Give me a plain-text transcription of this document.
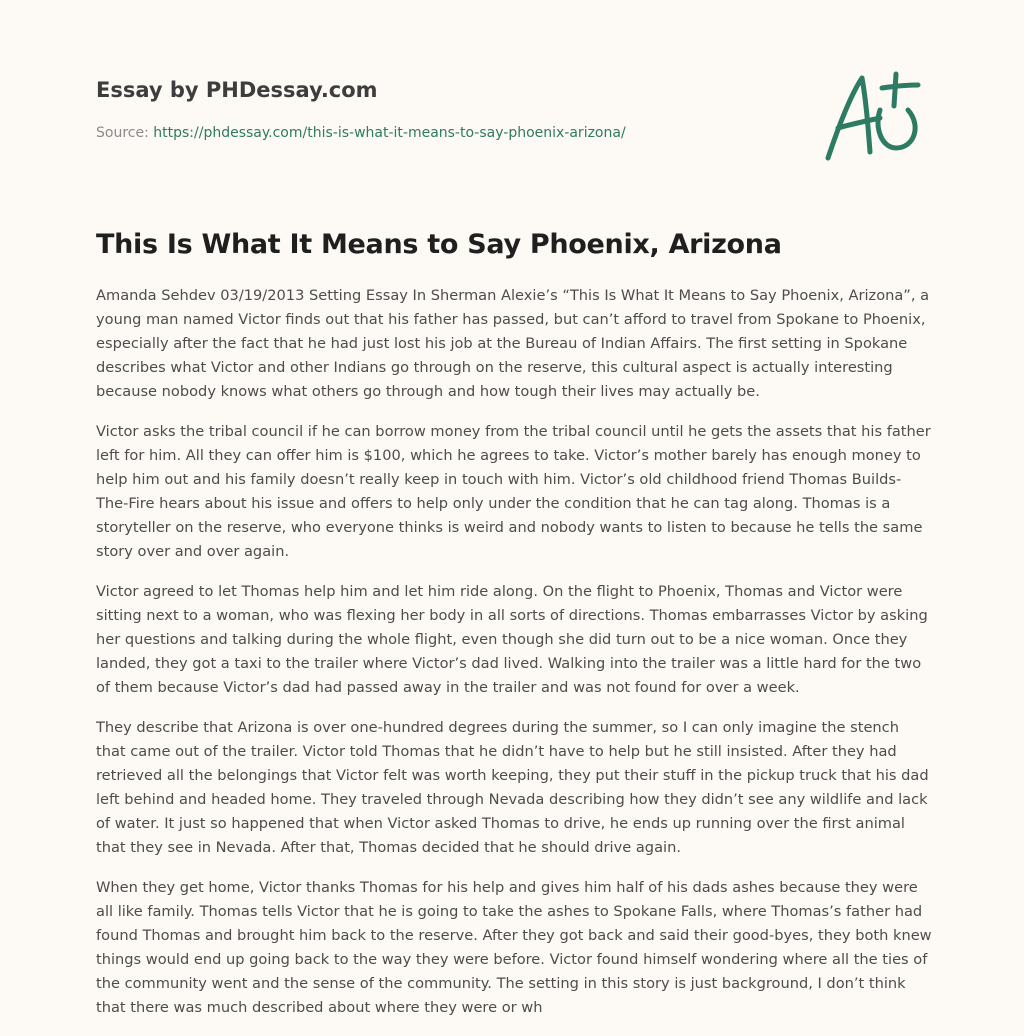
Essay by PHDessay.com
Source: https://phdessay.com/this-is-what-it-means-to-say-phoenix-arizona/
This Is What It Means to Say Phoenix, Arizona

Amanda Sehdev 03/19/2013 Setting Essay In Sherman Alexie’s “This Is What It Means to Say Phoenix, Arizona”, a young man named Victor finds out that his father has passed, but can’t afford to travel from Spokane to Phoenix, especially after the fact that he had just lost his job at the Bureau of Indian Affairs. The first setting in Spokane describes what Victor and other Indians go through on the reserve, this cultural aspect is actually interesting because nobody knows what others go through and how tough their lives may actually be.

Victor asks the tribal council if he can borrow money from the tribal council until he gets the assets that his father left for him. All they can offer him is $100, which he agrees to take. Victor’s mother barely has enough money to help him out and his family doesn’t really keep in touch with him. Victor’s old childhood friend Thomas Builds-The-Fire hears about his issue and offers to help only under the condition that he can tag along. Thomas is a storyteller on the reserve, who everyone thinks is weird and nobody wants to listen to because he tells the same story over and over again.

Victor agreed to let Thomas help him and let him ride along. On the flight to Phoenix, Thomas and Victor were sitting next to a woman, who was flexing her body in all sorts of directions. Thomas embarrasses Victor by asking her questions and talking during the whole flight, even though she did turn out to be a nice woman. Once they landed, they got a taxi to the trailer where Victor’s dad lived. Walking into the trailer was a little hard for the two of them because Victor’s dad had passed away in the trailer and was not found for over a week.

They describe that Arizona is over one-hundred degrees during the summer, so I can only imagine the stench that came out of the trailer. Victor told Thomas that he didn’t have to help but he still insisted. After they had retrieved all the belongings that Victor felt was worth keeping, they put their stuff in the pickup truck that his dad left behind and headed home. They traveled through Nevada describing how they didn’t see any wildlife and lack of water. It just so happened that when Victor asked Thomas to drive, he ends up running over the first animal that they see in Nevada. After that, Thomas decided that he should drive again.

When they get home, Victor thanks Thomas for his help and gives him half of his dads ashes because they were all like family. Thomas tells Victor that he is going to take the ashes to Spokane Falls, where Thomas’s father had found Thomas and brought him back to the reserve. After they got back and said their good-byes, they both knew things would end up going back to the way they were before. Victor found himself wondering where all the ties of the community went and the sense of the community. The setting in this story is just background, I don’t think that there was much described about where they were or wh
